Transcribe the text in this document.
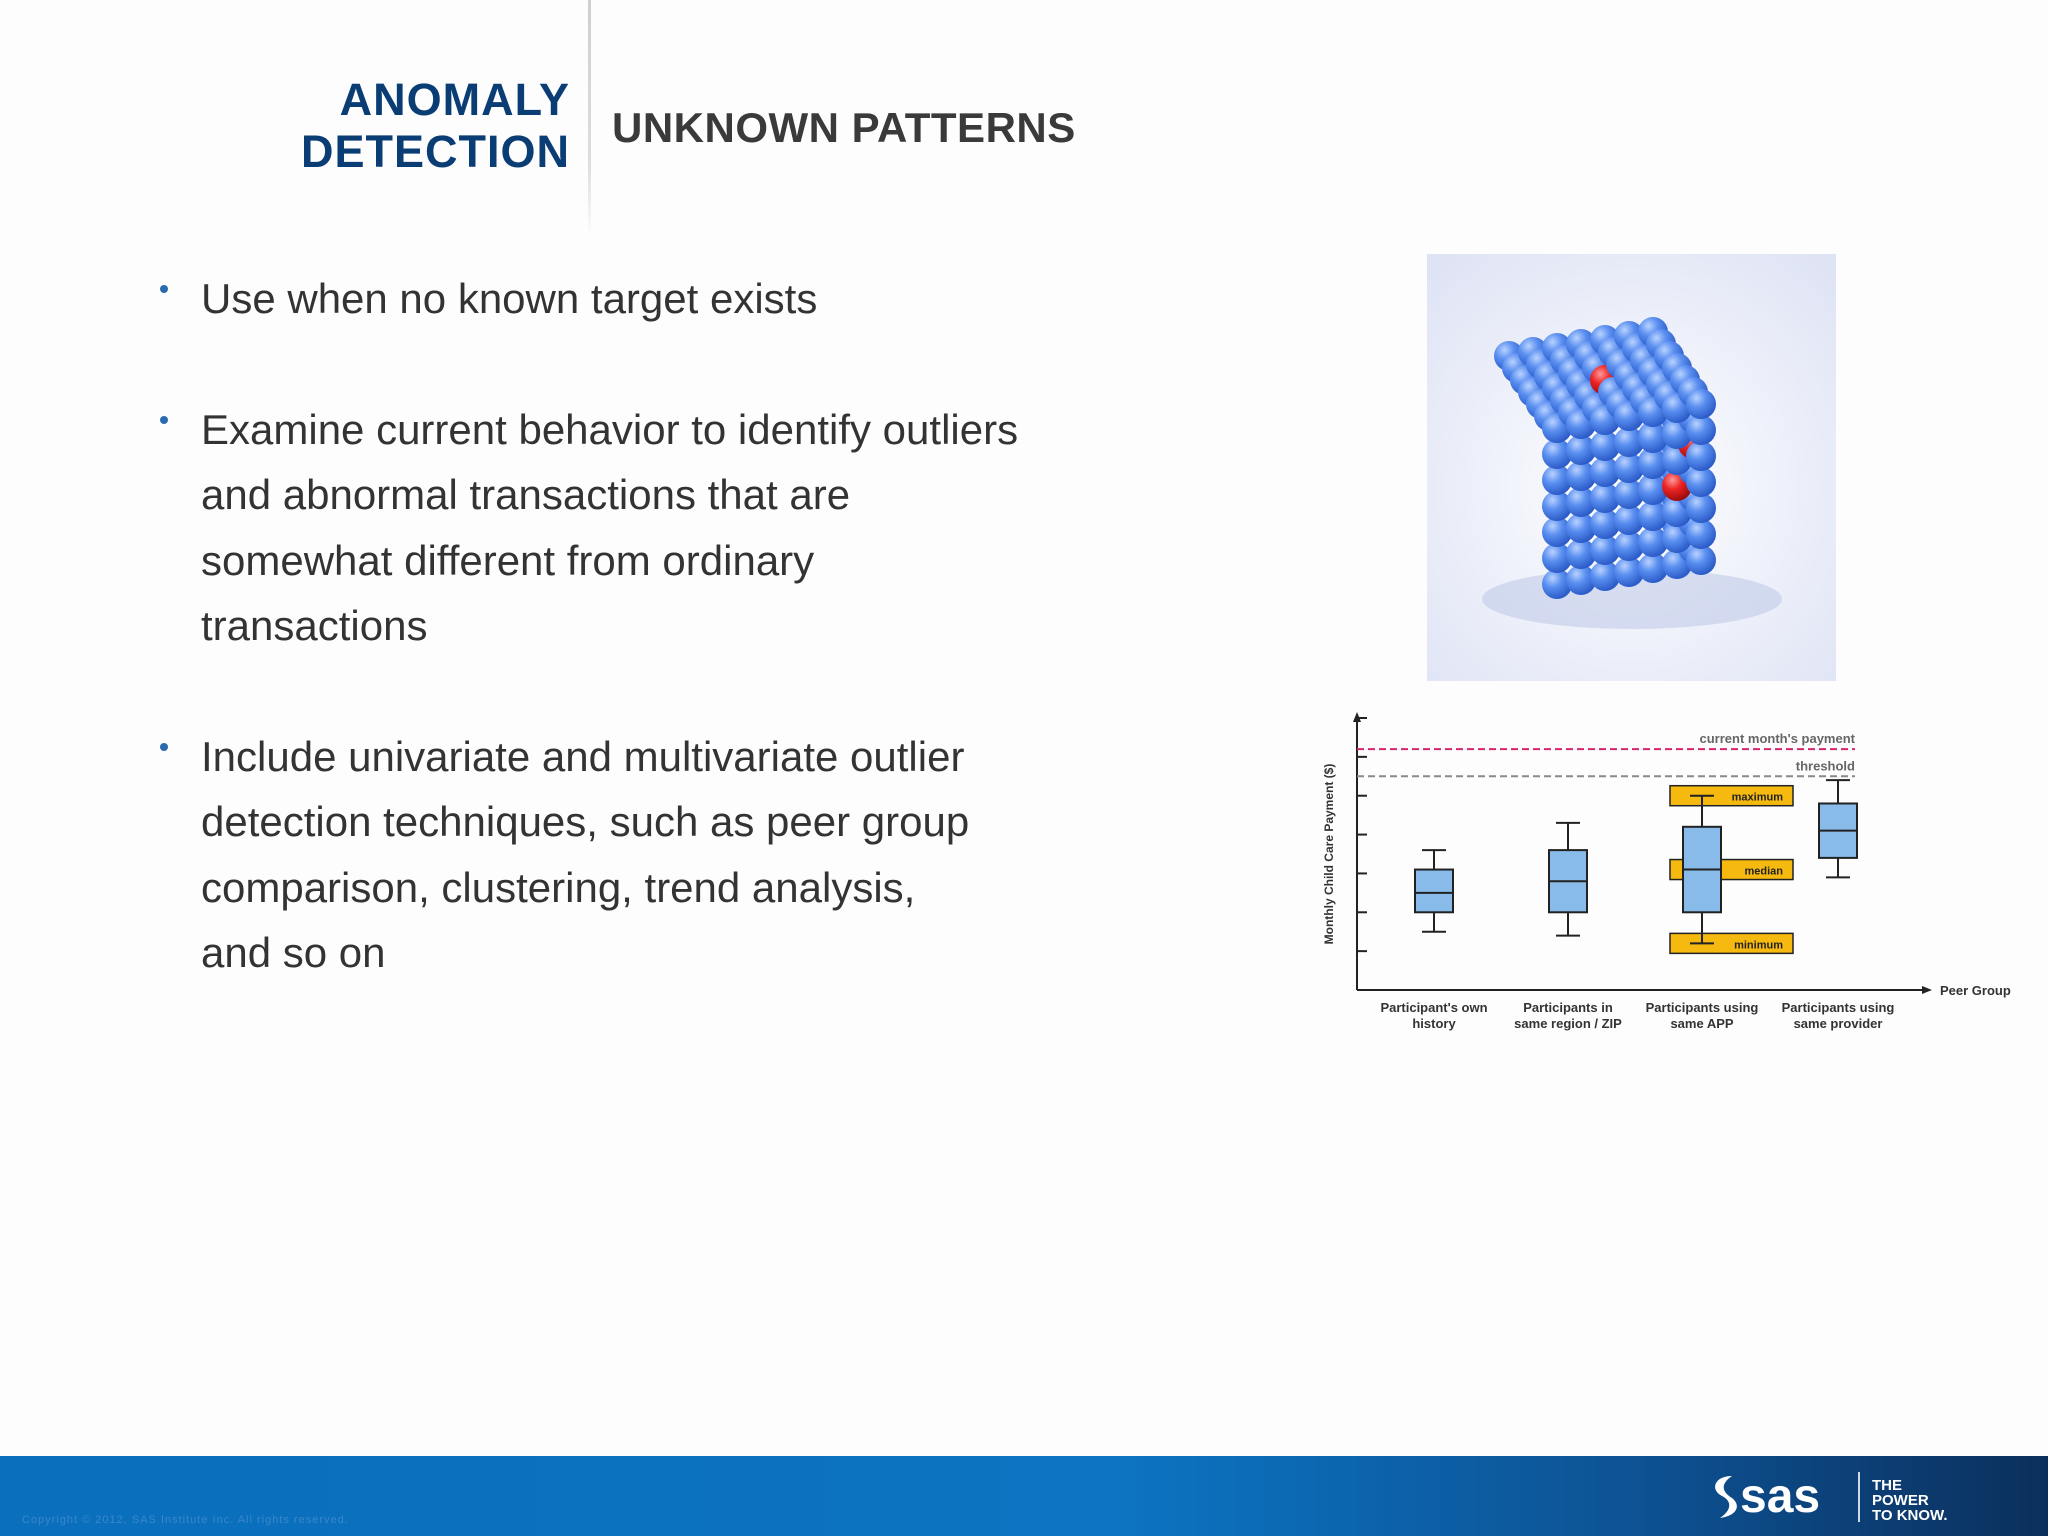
ANOMALY
DETECTION UNKNOWN PATTERNS
Use when no known target exists
Examine current behavior to identify outliers and abnormal transactions that are somewhat different from ordinary transactions
Include univariate and multivariate outlier detection techniques, such as peer group comparison, clustering, trend analysis, and so on
current month's payment
threshold
maximum
median
minimum
Participant's own history
Participants in same region / ZIP
Participants using same APP
Participants using same provider
Peer Group
Monthly Child Care Payment ($)
Copyright © 2012, SAS Institute Inc. All rights reserved.	sas	THE
POWER
TO KNOW.
